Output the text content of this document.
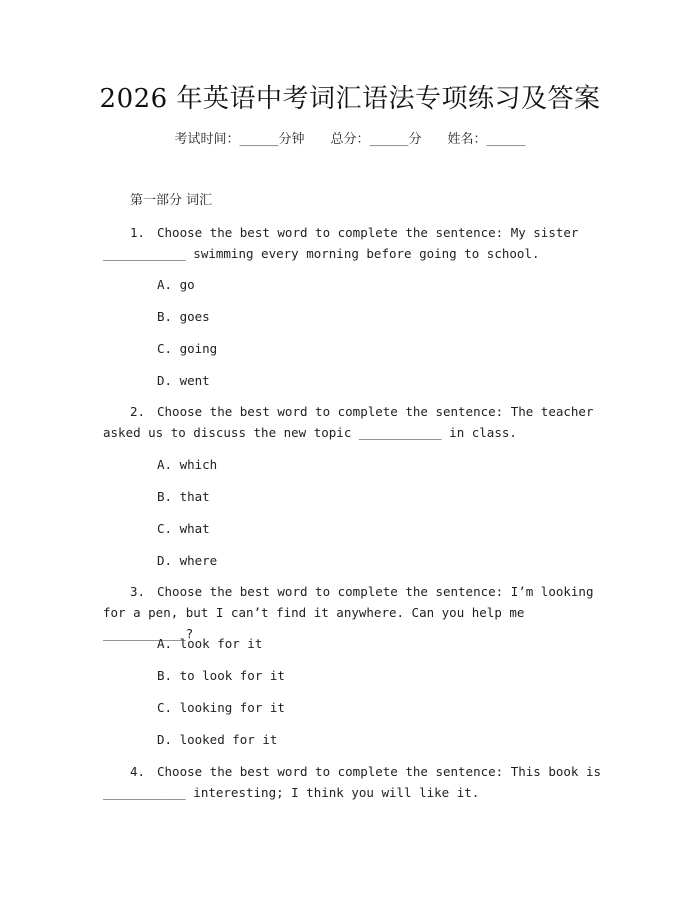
2026 年英语中考词汇语法专项练习及答案
考试时间：______分钟 总分：______分 姓名：______
第一部分 词汇
1. Choose the best word to complete the sentence: My sister ___________ swimming every morning before going to school.
A. go
B. goes
C. going
D. went
2. Choose the best word to complete the sentence: The teacher asked us to discuss the new topic ___________ in class.
A. which
B. that
C. what
D. where
3. Choose the best word to complete the sentence: I’m looking for a pen, but I can’t find it anywhere. Can you help me ___________?
A. look for it
B. to look for it
C. looking for it
D. looked for it
4. Choose the best word to complete the sentence: This book is ___________ interesting; I think you will like it.
